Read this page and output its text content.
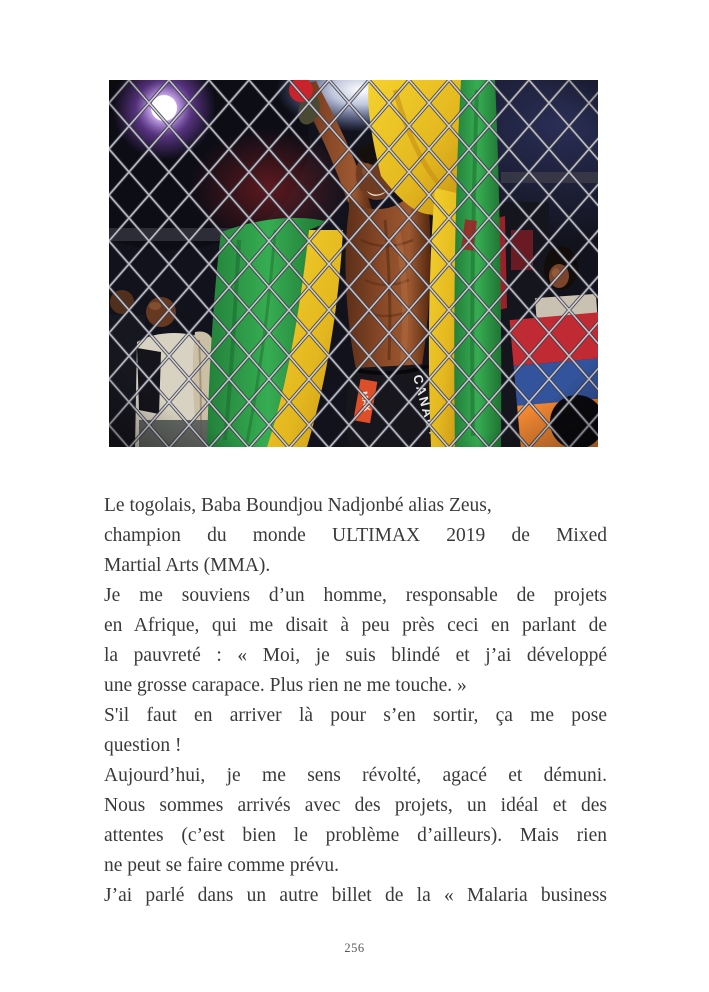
Le togolais, Baba Boundjou Nadjonbé alias Zeus,
champion du monde ULTIMAX 2019 de Mixed
Martial Arts (MMA).
Je me souviens d’un homme, responsable de projets
en Afrique, qui me disait à peu près ceci en parlant de
la pauvreté : « Moi, je suis blindé et j’ai développé
une grosse carapace. Plus rien ne me touche. »
S'il faut en arriver là pour s’en sortir, ça me pose
question !
Aujourd’hui, je me sens révolté, agacé et démuni.
Nous sommes arrivés avec des projets, un idéal et des
attentes (c’est bien le problème d’ailleurs). Mais rien
ne peut se faire comme prévu.
J’ai parlé dans un autre billet de la « Malaria business
256
